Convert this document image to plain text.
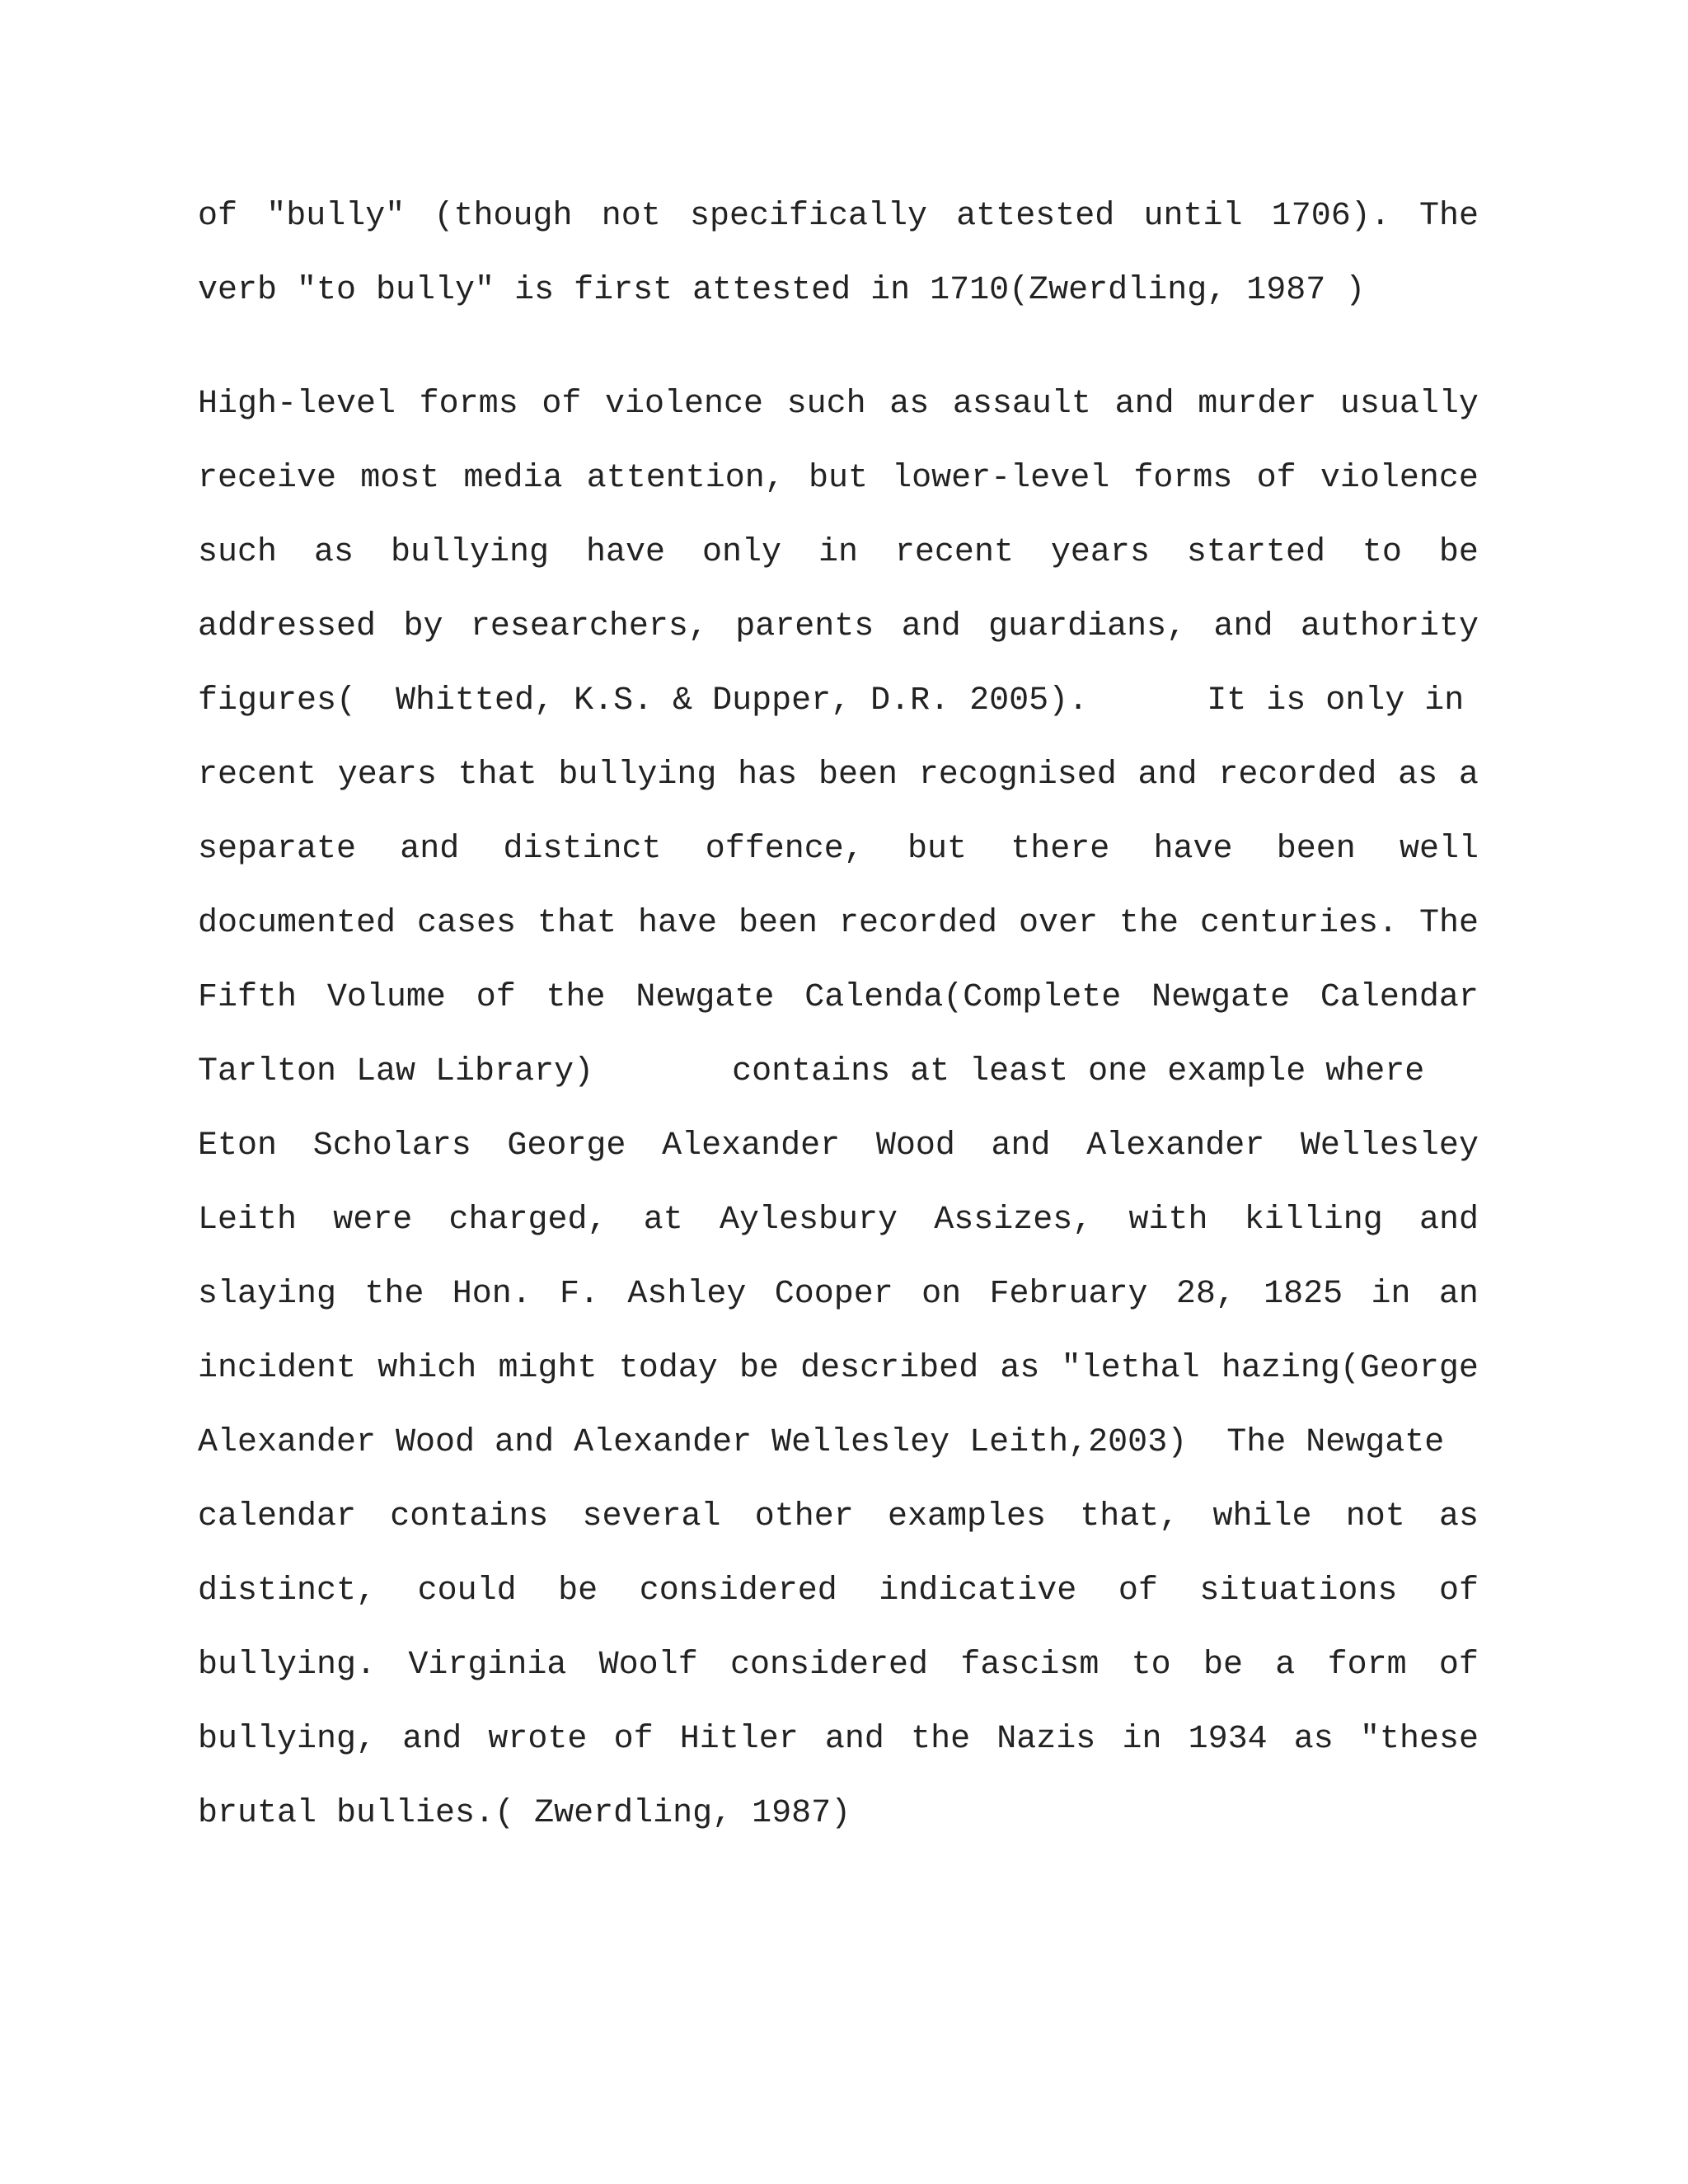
of "bully" (though not specifically attested until 1706). The
verb "to bully" is first attested in 1710(Zwerdling, 1987 )
High-level forms of violence such as assault and murder usually
receive most media attention, but lower-level forms of violence
such as bullying have only in recent years started to be
addressed by researchers, parents and guardians, and authority
figures(  Whitted, K.S. & Dupper, D.R. 2005).      It is only in
recent years that bullying has been recognised and recorded as a
separate and distinct offence, but there have been well
documented cases that have been recorded over the centuries. The
Fifth Volume of the Newgate Calenda(Complete Newgate Calendar
Tarlton Law Library)       contains at least one example where
Eton Scholars George Alexander Wood and Alexander Wellesley
Leith were charged, at Aylesbury Assizes, with killing and
slaying the Hon. F. Ashley Cooper on February 28, 1825 in an
incident which might today be described as "lethal hazing(George
Alexander Wood and Alexander Wellesley Leith,2003)  The Newgate
calendar contains several other examples that, while not as
distinct, could be considered indicative of situations of
bullying. Virginia Woolf considered fascism to be a form of
bullying, and wrote of Hitler and the Nazis in 1934 as "these
brutal bullies.( Zwerdling, 1987)
